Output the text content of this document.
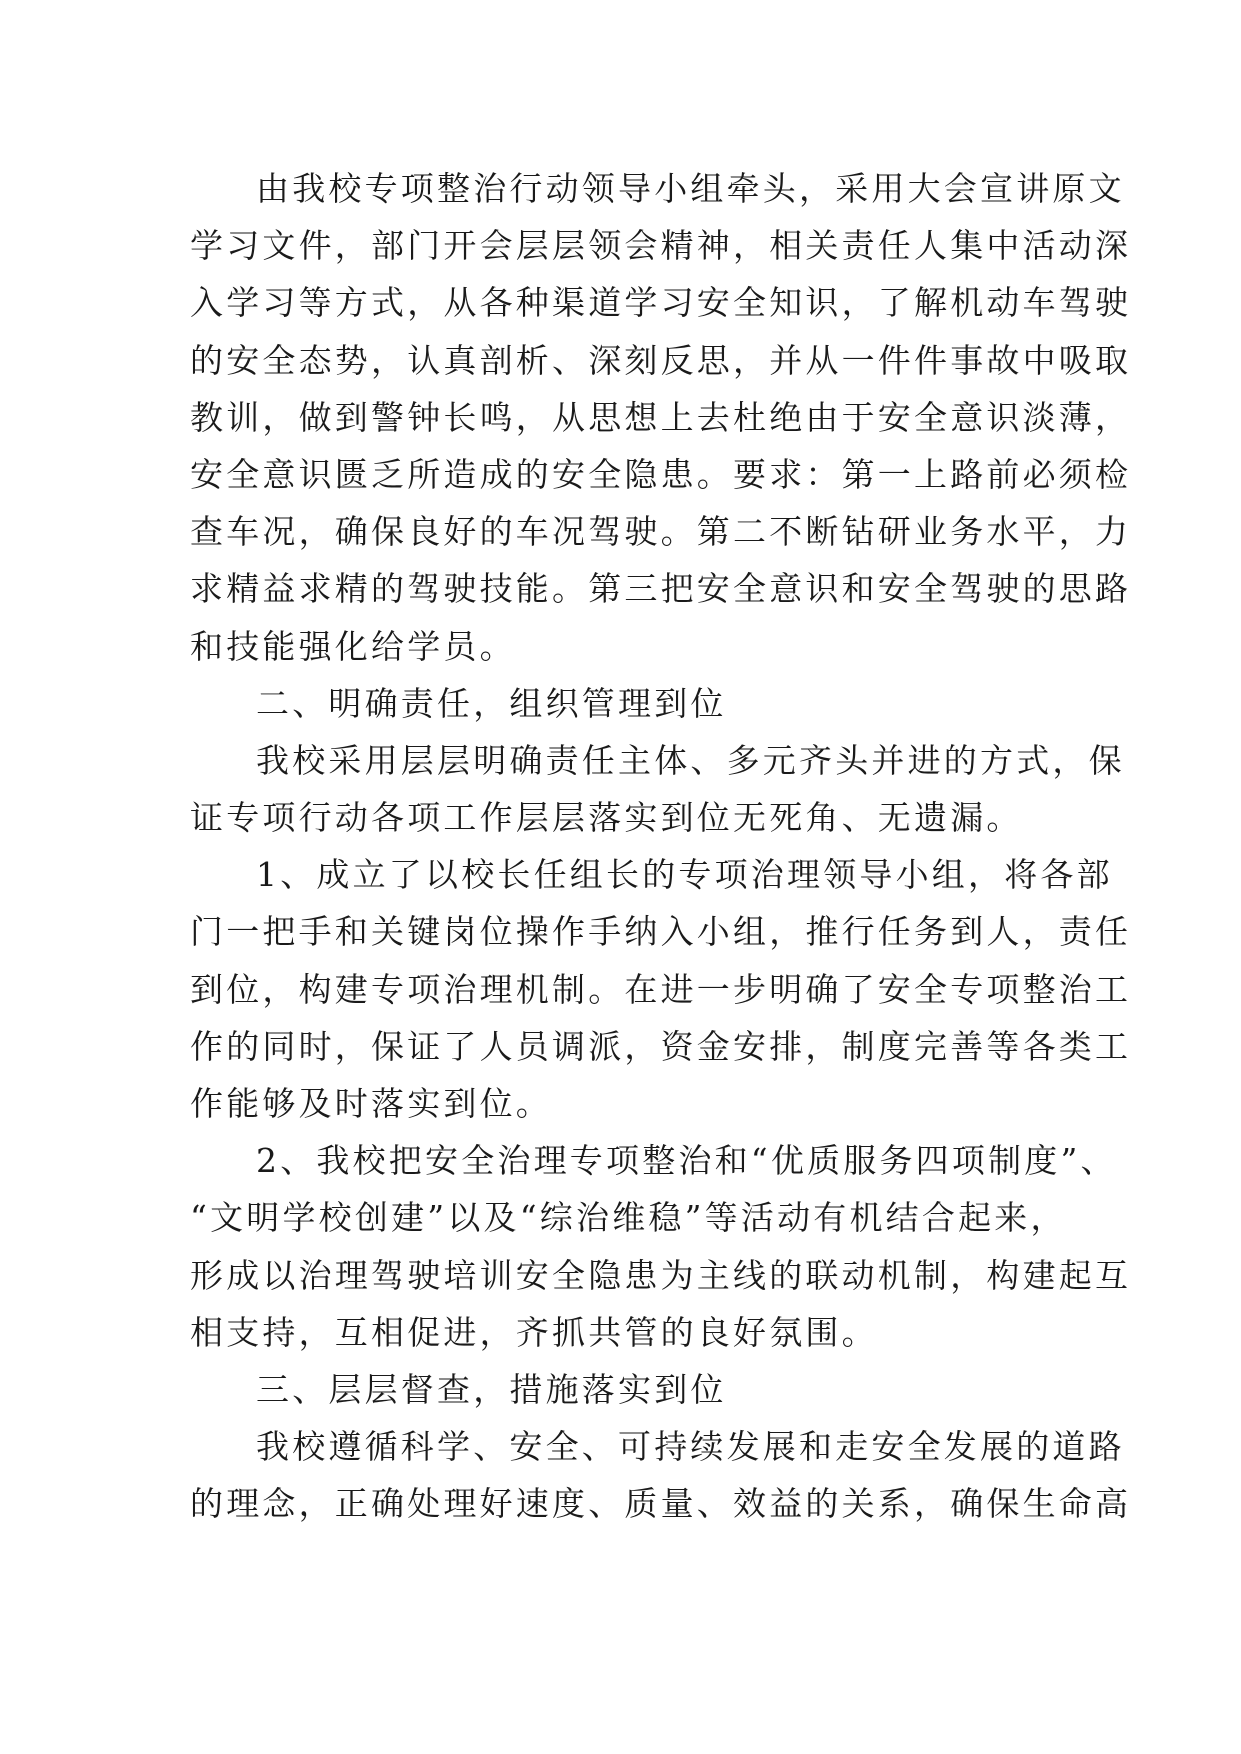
由我校专项整治行动领导小组牵头，采用大会宣讲原文
学习文件，部门开会层层领会精神，相关责任人集中活动深
入学习等方式，从各种渠道学习安全知识，了解机动车驾驶
的安全态势，认真剖析、深刻反思，并从一件件事故中吸取
教训，做到警钟长鸣，从思想上去杜绝由于安全意识淡薄，
安全意识匮乏所造成的安全隐患。要求：第一上路前必须检
查车况，确保良好的车况驾驶。第二不断钻研业务水平，力
求精益求精的驾驶技能。第三把安全意识和安全驾驶的思路
和技能强化给学员。
二、明确责任，组织管理到位
我校采用层层明确责任主体、多元齐头并进的方式，保
证专项行动各项工作层层落实到位无死角、无遗漏。
1、成立了以校长任组长的专项治理领导小组，将各部
门一把手和关键岗位操作手纳入小组，推行任务到人，责任
到位，构建专项治理机制。在进一步明确了安全专项整治工
作的同时，保证了人员调派，资金安排，制度完善等各类工
作能够及时落实到位。
2、我校把安全治理专项整治和“优质服务四项制度”、
“文明学校创建”以及“综治维稳”等活动有机结合起来，
形成以治理驾驶培训安全隐患为主线的联动机制，构建起互
相支持，互相促进，齐抓共管的良好氛围。
三、层层督查，措施落实到位
我校遵循科学、安全、可持续发展和走安全发展的道路
的理念，正确处理好速度、质量、效益的关系，确保生命高
